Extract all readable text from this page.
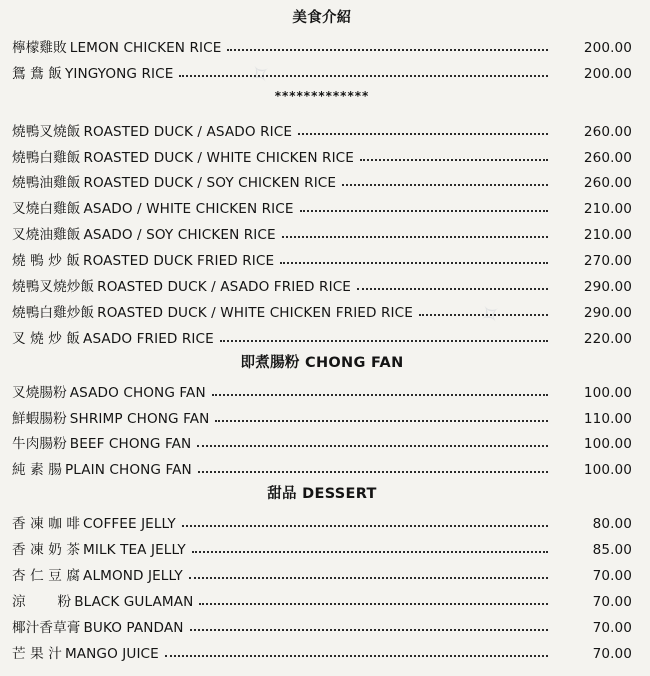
✧
✧
美食介紹
檸檬雞敗 LEMON CHICKEN RICE	200.00
鴛 鴦 飯 YINGYONG RICE	200.00
*************
燒鴨叉燒飯 ROASTED DUCK / ASADO RICE	260.00
燒鴨白雞飯 ROASTED DUCK / WHITE CHICKEN RICE	260.00
燒鴨油雞飯 ROASTED DUCK / SOY CHICKEN RICE	260.00
叉燒白雞飯 ASADO / WHITE CHICKEN RICE	210.00
叉燒油雞飯 ASADO / SOY CHICKEN RICE	210.00
燒 鴨 炒 飯 ROASTED DUCK FRIED RICE	270.00
燒鴨叉燒炒飯 ROASTED DUCK / ASADO FRIED RICE	290.00
燒鴨白雞炒飯 ROASTED DUCK / WHITE CHICKEN FRIED RICE	290.00
叉 燒 炒 飯 ASADO FRIED RICE	220.00
即煮腸粉 CHONG FAN
叉燒腸粉 ASADO CHONG FAN	100.00
鮮蝦腸粉 SHRIMP CHONG FAN	110.00
牛肉腸粉 BEEF CHONG FAN	100.00
純 素 腸 PLAIN CHONG FAN	100.00
甜品 DESSERT
香 凍 咖 啡 COFFEE JELLY	80.00
香 凍 奶 茶 MILK TEA JELLY	85.00
杏 仁 豆 腐 ALMOND JELLY	70.00
涼　　 粉 BLACK GULAMAN	70.00
椰汁香草膏 BUKO PANDAN	70.00
芒 果 汁 MANGO JUICE	70.00
